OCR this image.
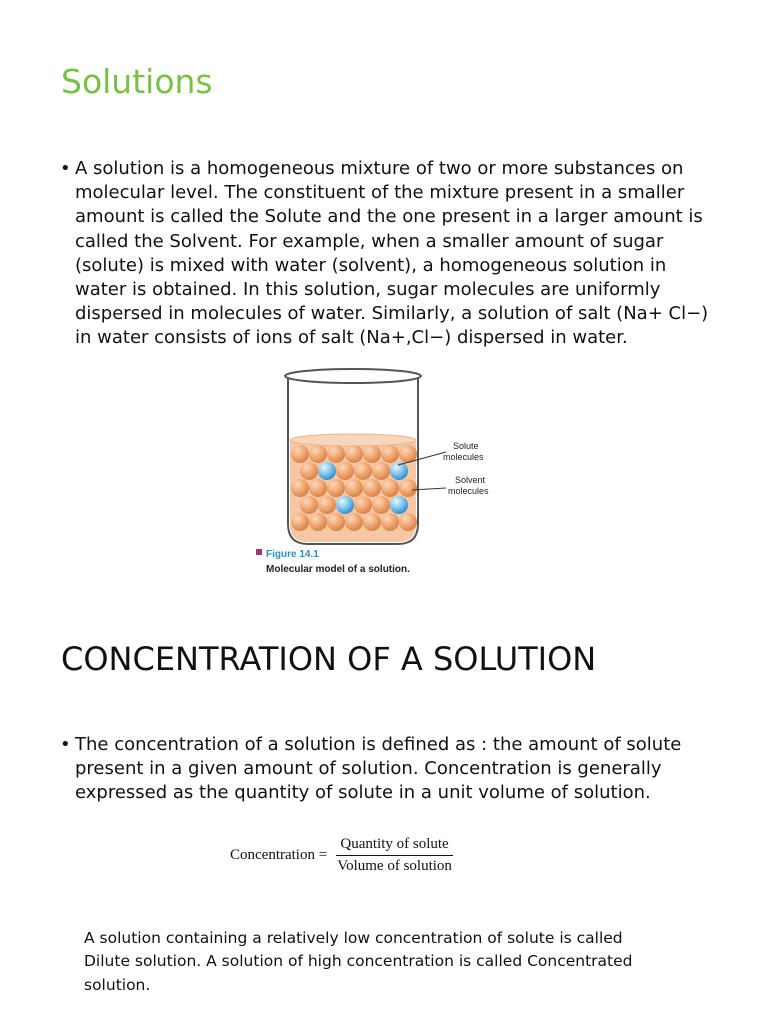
Solutions
• A solution is a homogeneous mixture of two or more substances on molecular level. The constituent of the mixture present in a smaller amount is called the Solute and the one present in a larger amount is called the Solvent. For example, when a smaller amount of sugar (solute) is mixed with water (solvent), a homogeneous solution in water is obtained. In this solution, sugar molecules are uniformly dispersed in molecules of water. Similarly, a solution of salt (Na+ Cl−) in water consists of ions of salt (Na+,Cl−) dispersed in water.
Solute
molecules
Solvent
molecules
Figure 14.1
Molecular model of a solution.
CONCENTRATION OF A SOLUTION
• The concentration of a solution is defined as : the amount of solute present in a given amount of solution. Concentration is generally expressed as the quantity of solute in a unit volume of solution.
Concentration = $\frac{\text{Quantity of solute}}{\text{Volume of solution}}$

A solution containing a relatively low concentration of solute is called Dilute solution. A solution of high concentration is called Concentrated solution.
